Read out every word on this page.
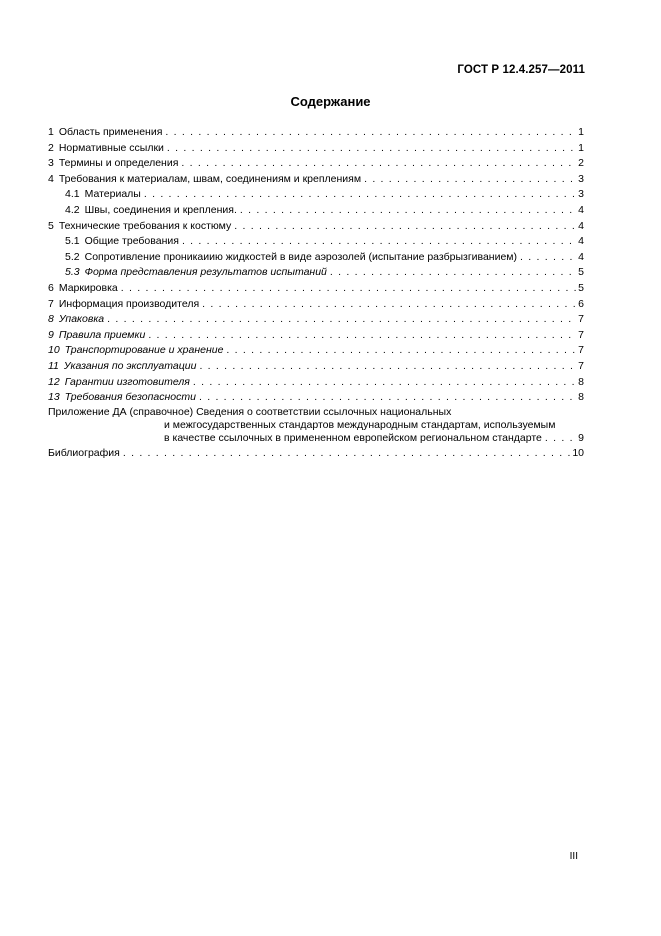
ГОСТ Р 12.4.257—2011
Содержание
1 Область применения . . .	1
2 Нормативные ссылки . . .	1
3 Термины и определения . . .	2
4 Требования к материалам, швам, соединениям и креплениям . . .	3
4.1 Материалы . . .	3
4.2 Швы, соединения и крепления. . . .	4
5 Технические требования к костюму . . .	4
5.1 Общие требования . . .	4
5.2 Сопротивление проникаиию жидкостей в виде аэрозолей (испытание разбрызгиванием) . . .	4
5.3 Форма представления результатов испытаний . . .	5
6 Маркировка . . .	5
7 Информация производителя . . .	6
8 Упаковка . . .	7
9 Правила приемки . . .	7
10 Транспортирование и хранение . . .	7
11 Указания по эксплуатации . . .	7
12 Гарантии изготовителя . . .	8
13 Требования безопасности . . .	8
Приложение ДА (справочное) Сведения о соответствии ссылочных национальных
и межгосударственных стандартов международным стандартам, используемым
в качестве ссылочных в примененном европейском региональном стандарте . . .	9
Библиография . . .	10
III
